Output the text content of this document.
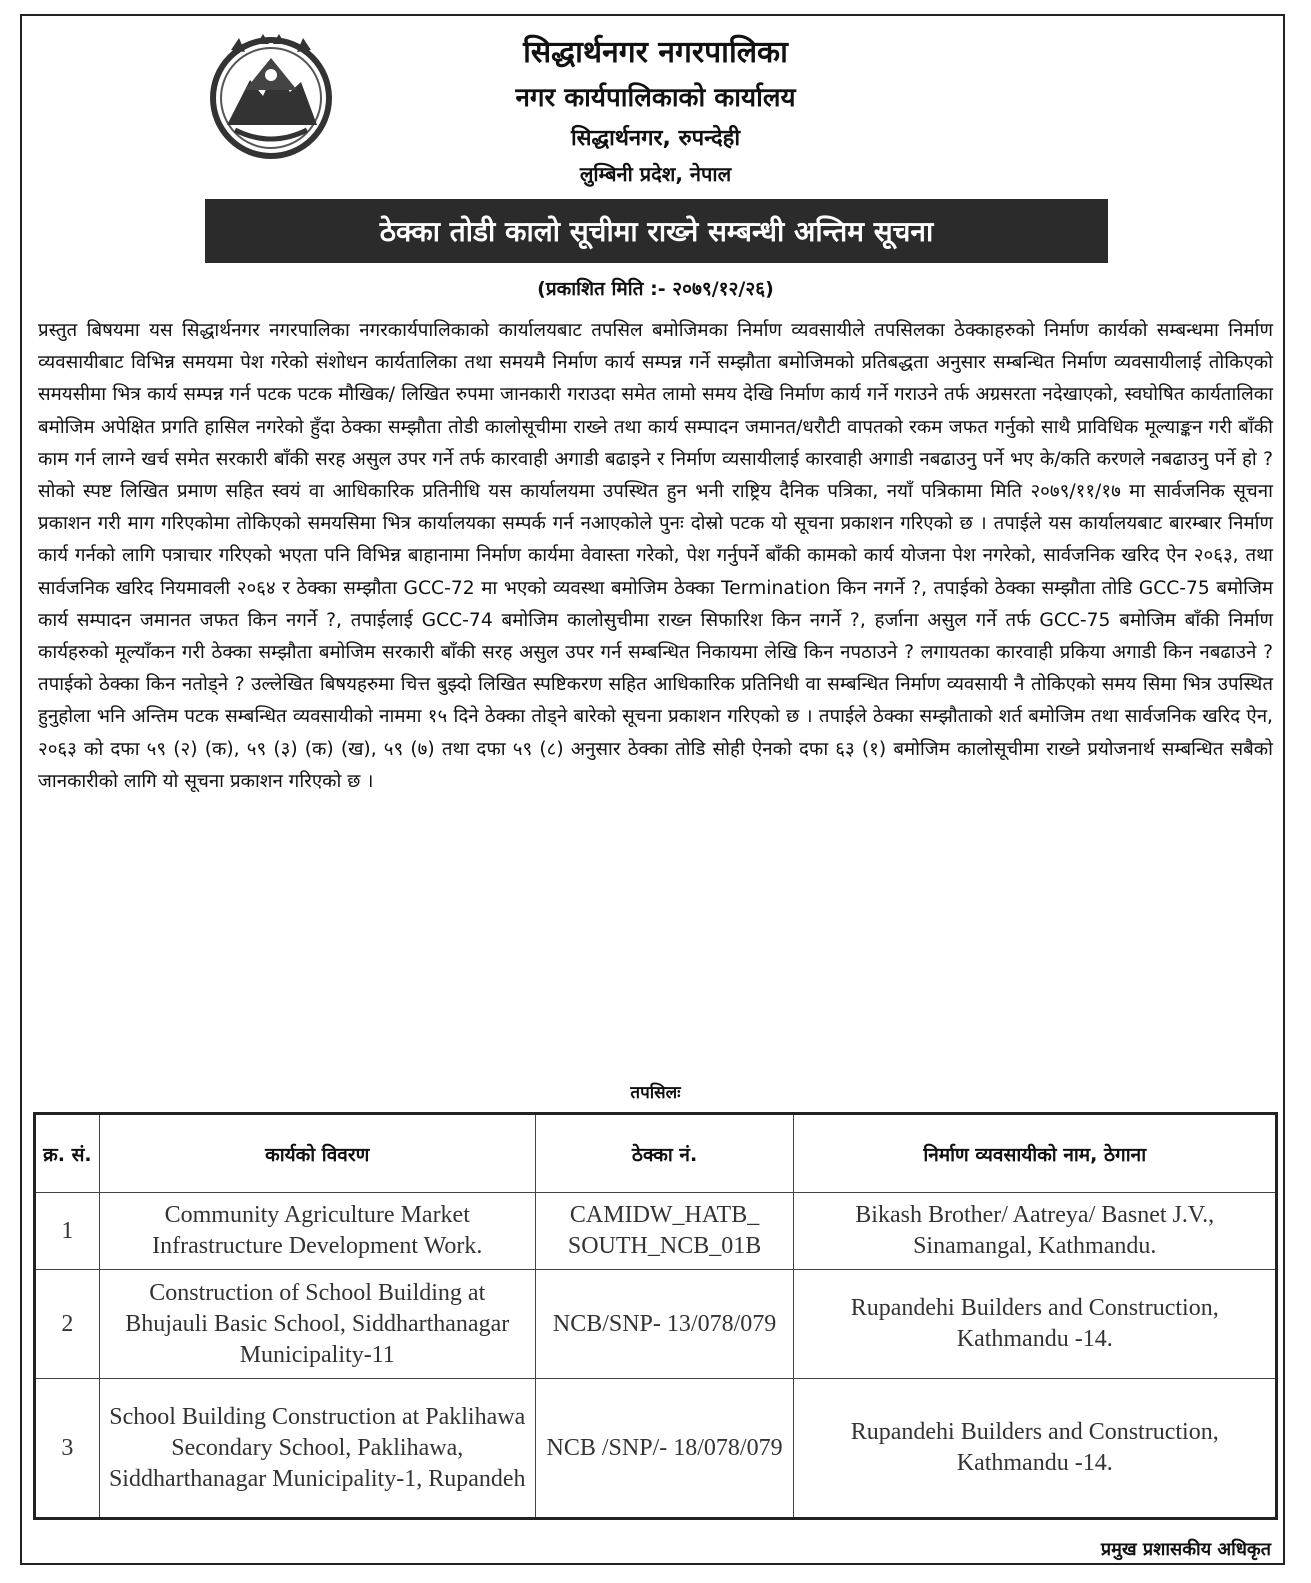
सिद्धार्थनगर नगरपालिका
नगर कार्यपालिकाको कार्यालय
सिद्धार्थनगर, रुपन्देही
लुम्बिनी प्रदेश, नेपाल
ठेक्का तोडी कालो सूचीमा राख्ने सम्बन्धी अन्तिम सूचना
(प्रकाशित मिति :- २०७९/१२/२६)

प्रस्तुत बिषयमा यस सिद्धार्थनगर नगरपालिका नगरकार्यपालिकाको कार्यालयबाट तपसिल बमोजिमका निर्माण व्यवसायीले तपसिलका ठेक्काहरुको निर्माण कार्यको सम्बन्धमा निर्माण व्यवसायीबाट विभिन्न समयमा पेश गरेको संशोधन कार्यतालिका तथा समयमै निर्माण कार्य सम्पन्न गर्ने सम्झौता बमोजिमको प्रतिबद्धता अनुसार सम्बन्धित निर्माण व्यवसायीलाई तोकिएको समयसीमा भित्र कार्य सम्पन्न गर्न पटक पटक मौखिक/ लिखित रुपमा जानकारी गराउदा समेत लामो समय देखि निर्माण कार्य गर्ने गराउने तर्फ अग्रसरता नदेखाएको, स्वघोषित कार्यतालिका बमोजिम अपेक्षित प्रगति हासिल नगरेको हुँदा ठेक्का सम्झौता तोडी कालोसूचीमा राख्ने तथा कार्य सम्पादन जमानत/धरौटी वापतको रकम जफत गर्नुको साथै प्राविधिक मूल्याङ्कन गरी बाँकी काम गर्न लाग्ने खर्च समेत सरकारी बाँकी सरह असुल उपर गर्ने तर्फ कारवाही अगाडी बढाइने र निर्माण व्यसायीलाई कारवाही अगाडी नबढाउनु पर्ने भए के/कति करणले नबढाउनु पर्ने हो ? सोको स्पष्ट लिखित प्रमाण सहित स्वयं वा आधिकारिक प्रतिनीधि यस कार्यालयमा उपस्थित हुन भनी राष्ट्रिय दैनिक पत्रिका, नयाँ पत्रिकामा मिति २०७९/११/१७ मा सार्वजनिक सूचना प्रकाशन गरी माग गरिएकोमा तोकिएको समयसिमा भित्र कार्यालयका सम्पर्क गर्न नआएकोले पुनः दोस्रो पटक यो सूचना प्रकाशन गरिएको छ । तपाईले यस कार्यालयबाट बारम्बार निर्माण कार्य गर्नको लागि पत्राचार गरिएको भएता पनि विभिन्न बाहानामा निर्माण कार्यमा वेवास्ता गरेको, पेश गर्नुपर्ने बाँकी कामको कार्य योजना पेश नगरेको, सार्वजनिक खरिद ऐन २०६३, तथा सार्वजनिक खरिद नियमावली २०६४ र ठेक्का सम्झौता GCC-72 मा भएको व्यवस्था बमोजिम ठेक्का Termination किन नगर्ने ?, तपाईको ठेक्का सम्झौता तोडि GCC-75 बमोजिम कार्य सम्पादन जमानत जफत किन नगर्ने ?, तपाईलाई GCC-74 बमोजिम कालोसुचीमा राख्न सिफारिश किन नगर्ने ?, हर्जाना असुल गर्ने तर्फ GCC-75 बमोजिम बाँकी निर्माण कार्यहरुको मूल्याँकन गरी ठेक्का सम्झौता बमोजिम सरकारी बाँकी सरह असुल उपर गर्न सम्बन्धित निकायमा लेखि किन नपठाउने ? लगायतका कारवाही प्रकिया अगाडी किन नबढाउने ? तपाईको ठेक्का किन नतोड्ने ? उल्लेखित बिषयहरुमा चित्त बुझ्दो लिखित स्पष्टिकरण सहित आधिकारिक प्रतिनिधी वा सम्बन्धित निर्माण व्यवसायी नै तोकिएको समय सिमा भित्र उपस्थित हुनुहोला भनि अन्तिम पटक सम्बन्धित व्यवसायीको नाममा १५ दिने ठेक्का तोड्ने बारेको सूचना प्रकाशन गरिएको छ । तपाईले ठेक्का सम्झौताको शर्त बमोजिम तथा सार्वजनिक खरिद ऐन, २०६३ को दफा ५९ (२) (क), ५९ (३) (क) (ख), ५९ (७) तथा दफा ५९ (८) अनुसार ठेक्का तोडि सोही ऐनको दफा ६३ (१) बमोजिम कालोसूचीमा राख्ने प्रयोजनार्थ सम्बन्धित सबैको जानकारीको लागि यो सूचना प्रकाशन गरिएको छ ।

तपसिलः
क्र. सं.	कार्यको विवरण	ठेक्का नं.	निर्माण व्यवसायीको नाम, ठेगाना
1	Community Agriculture Market Infrastructure Development Work.	CAMIDW_HATB_ SOUTH_NCB_01B	Bikash Brother/ Aatreya/ Basnet J.V., Sinamangal, Kathmandu.
2	Construction of School Building at Bhujauli Basic School, Siddharthanagar Municipality-11	NCB/SNP- 13/078/079	Rupandehi Builders and Construction, Kathmandu -14.
3	School Building Construction at Paklihawa Secondary School, Paklihawa, Siddharthanagar Municipality-1, Rupandeh	NCB /SNP/- 18/078/079	Rupandehi Builders and Construction, Kathmandu -14.
प्रमुख प्रशासकीय अधिकृत
